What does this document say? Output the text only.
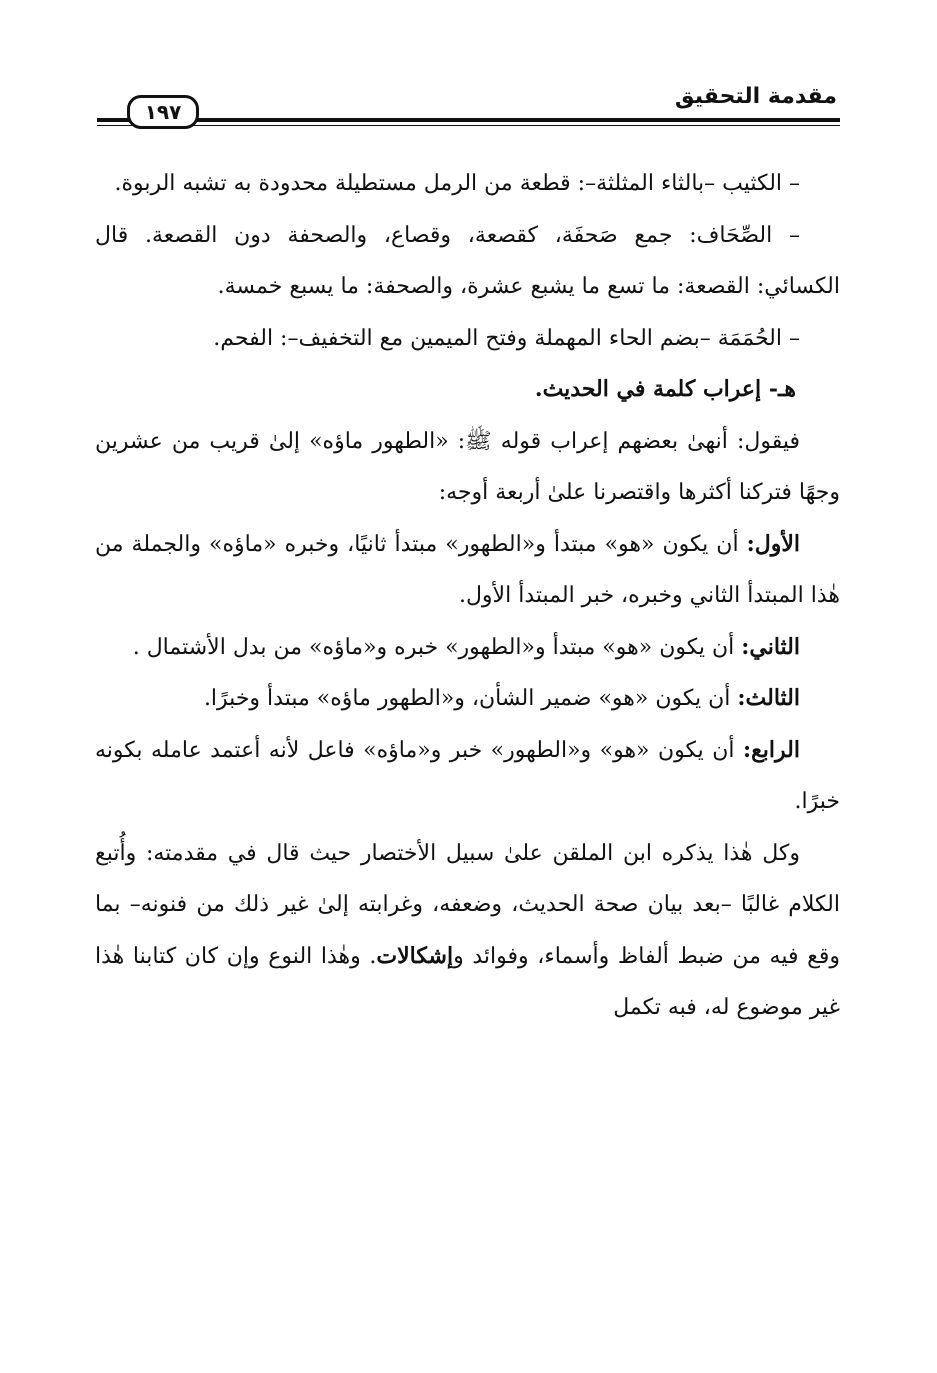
مقدمة التحقيق
١٩٧

– الكثيب –بالثاء المثلثة–: قطعة من الرمل مستطيلة محدودة به تشبه الربوة.

– الصِّحَاف: جمع صَحفَة، كقصعة، وقصاع، والصحفة دون القصعة. قال الكسائي: القصعة: ما تسع ما يشبع عشرة، والصحفة: ما يسبع خمسة.

– الحُمَمَة –بضم الحاء المهملة وفتح الميمين مع التخفيف–: الفحم.

هـ- إعراب كلمة في الحديث.

فيقول: أنهىٰ بعضهم إعراب قوله ﷺ: «الطهور ماؤه» إلىٰ قريب من عشرين وجهًا فتركنا أكثرها واقتصرنا علىٰ أربعة أوجه:

الأول: أن يكون «هو» مبتدأ و«الطهور» مبتدأ ثانيًا، وخبره «ماؤه» والجملة من هٰذا المبتدأ الثاني وخبره، خبر المبتدأ الأول.

الثاني: أن يكون «هو» مبتدأ و«الطهور» خبره و«ماؤه» من بدل الأشتمال .

الثالث: أن يكون «هو» ضمير الشأن، و«الطهور ماؤه» مبتدأ وخبرًا.

الرابع: أن يكون «هو» و«الطهور» خبر و«ماؤه» فاعل لأنه أعتمد عامله بكونه خبرًا.

وكل هٰذا يذكره ابن الملقن علىٰ سبيل الأختصار حيث قال في مقدمته: وأُتبع الكلام غالبًا –بعد بيان صحة الحديث، وضعفه، وغرابته إلىٰ غير ذلك من فنونه– بما وقع فيه من ضبط ألفاظ وأسماء، وفوائد وإشكالات. وهٰذا النوع وإن كان كتابنا هٰذا غير موضوع له، فبه تكمل
